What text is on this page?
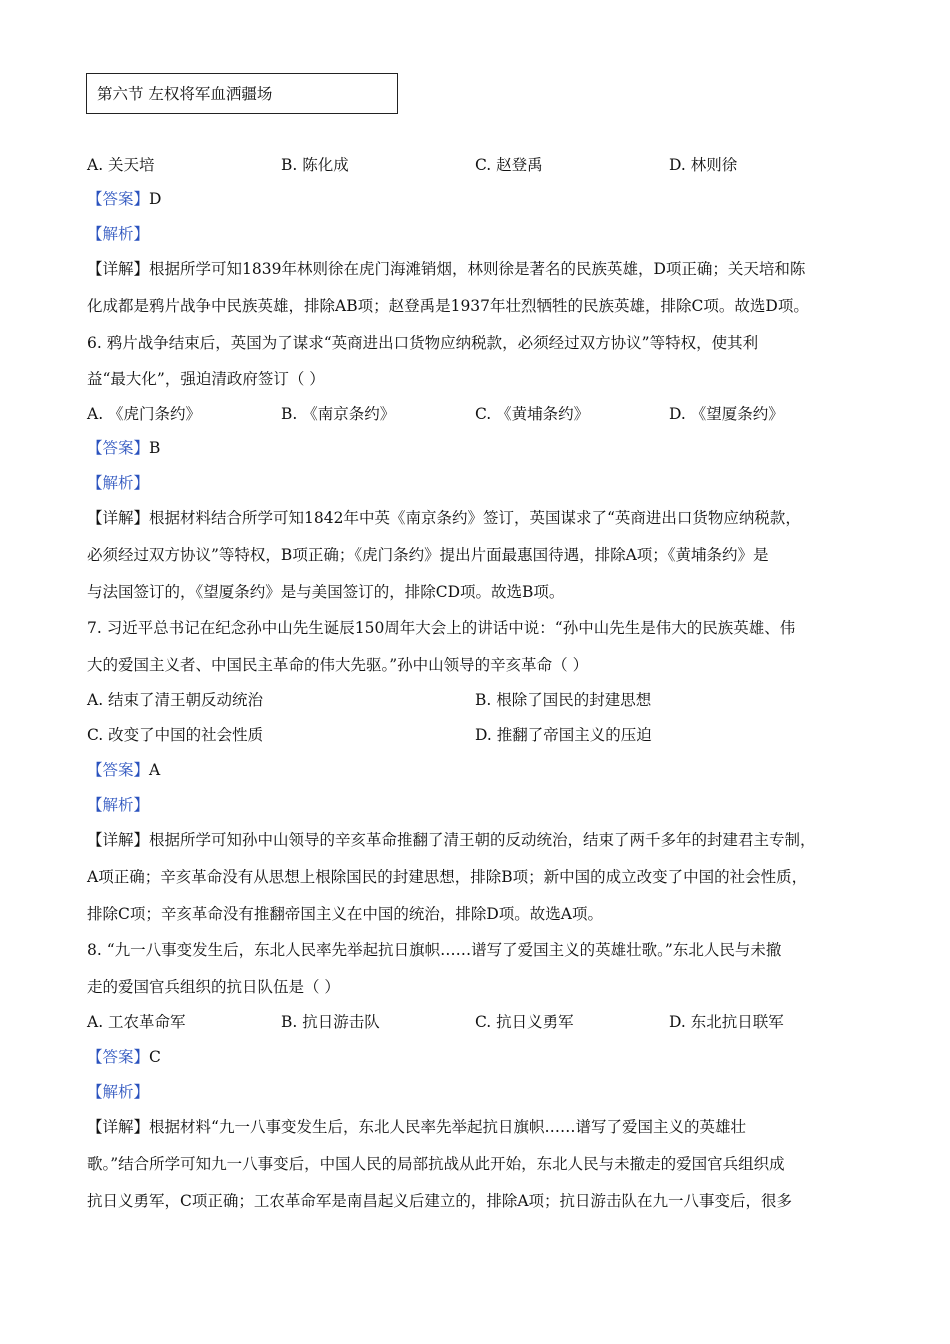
第六节 左权将军血洒疆场
A. 关天培	B. 陈化成	C. 赵登禹	D. 林则徐
【答案】D
【解析】
【详解】根据所学可知1839年林则徐在虎门海滩销烟，林则徐是著名的民族英雄，D项正确；关天培和陈
化成都是鸦片战争中民族英雄，排除AB项；赵登禹是1937年壮烈牺牲的民族英雄，排除C项。故选D项。
6. 鸦片战争结束后，英国为了谋求“英商进出口货物应纳税款，必须经过双方协议”等特权，使其利
益“最大化”，强迫清政府签订（ ）
A. 《虎门条约》	B. 《南京条约》	C. 《黄埔条约》	D. 《望厦条约》
【答案】B
【解析】
【详解】根据材料结合所学可知1842年中英《南京条约》签订，英国谋求了“英商进出口货物应纳税款，
必须经过双方协议”等特权，B项正确；《虎门条约》提出片面最惠国待遇，排除A项；《黄埔条约》是
与法国签订的，《望厦条约》是与美国签订的，排除CD项。故选B项。
7. 习近平总书记在纪念孙中山先生诞辰150周年大会上的讲话中说：“孙中山先生是伟大的民族英雄、伟
大的爱国主义者、中国民主革命的伟大先驱。”孙中山领导的辛亥革命（ ）
A. 结束了清王朝反动统治	B. 根除了国民的封建思想
C. 改变了中国的社会性质	D. 推翻了帝国主义的压迫
【答案】A
【解析】
【详解】根据所学可知孙中山领导的辛亥革命推翻了清王朝的反动统治，结束了两千多年的封建君主专制，
A项正确；辛亥革命没有从思想上根除国民的封建思想，排除B项；新中国的成立改变了中国的社会性质，
排除C项；辛亥革命没有推翻帝国主义在中国的统治，排除D项。故选A项。
8. “九一八事变发生后，东北人民率先举起抗日旗帜……谱写了爱国主义的英雄壮歌。”东北人民与未撤
走的爱国官兵组织的抗日队伍是（ ）
A. 工农革命军	B. 抗日游击队	C. 抗日义勇军	D. 东北抗日联军
【答案】C
【解析】
【详解】根据材料“九一八事变发生后，东北人民率先举起抗日旗帜……谱写了爱国主义的英雄壮
歌。”结合所学可知九一八事变后，中国人民的局部抗战从此开始，东北人民与未撤走的爱国官兵组织成
抗日义勇军，C项正确；工农革命军是南昌起义后建立的，排除A项；抗日游击队在九一八事变后，很多
